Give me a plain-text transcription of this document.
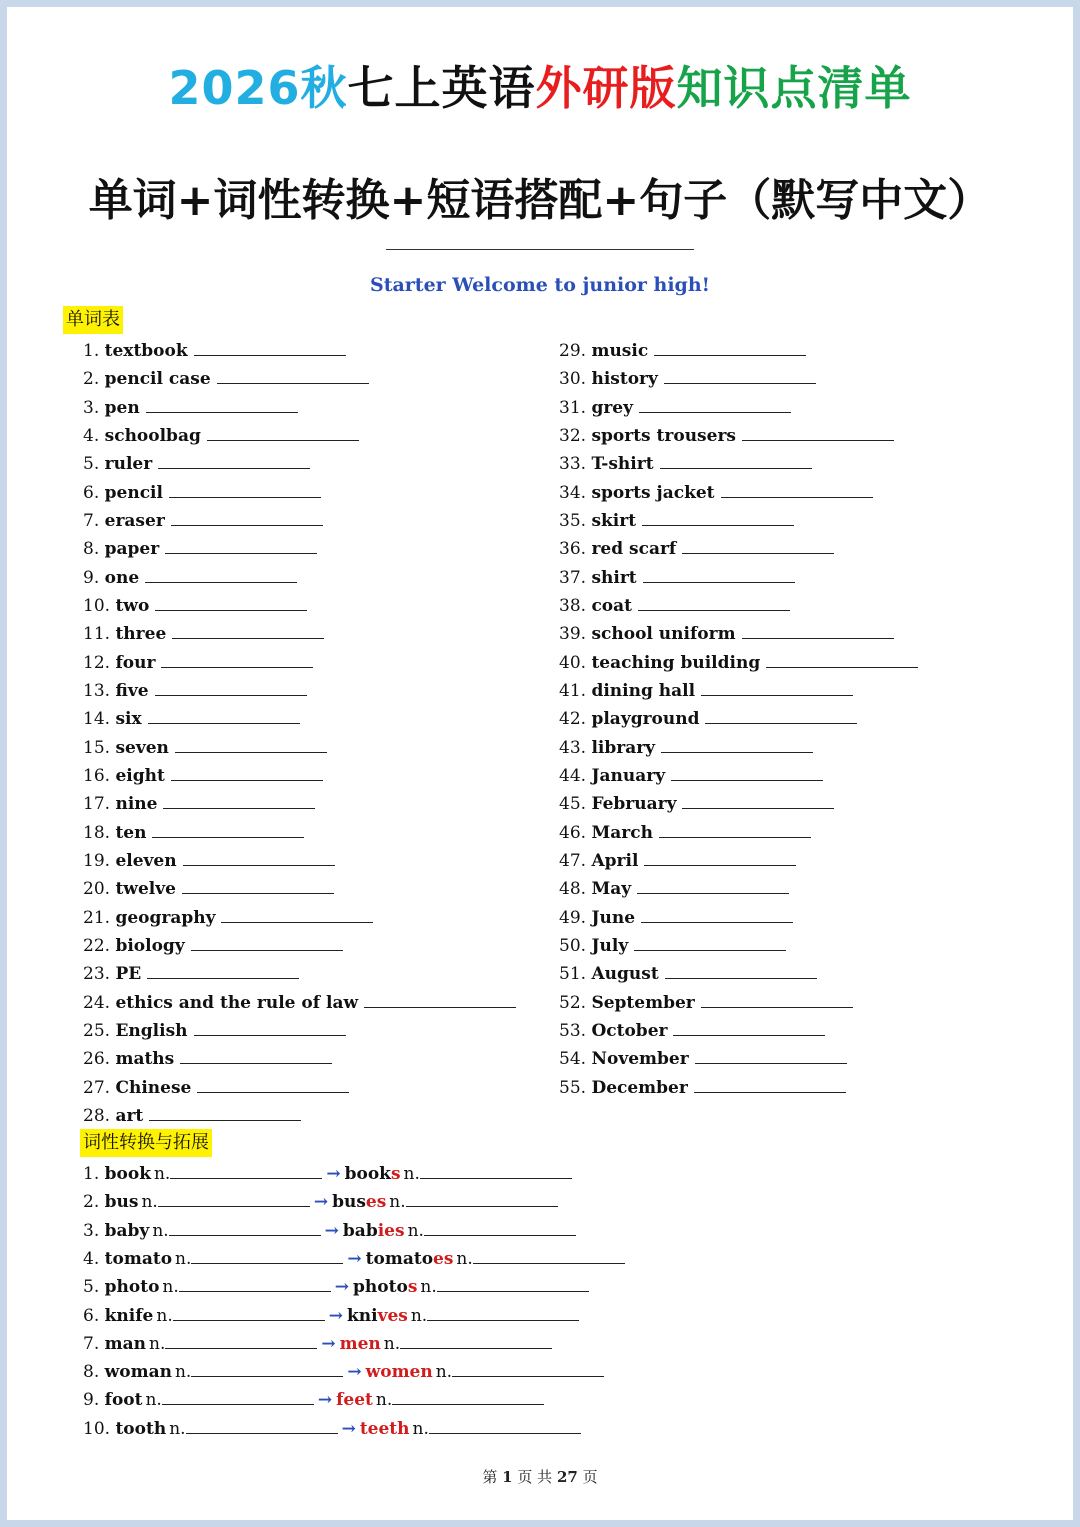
2026秋七上英语外研版知识点清单
单词+词性转换+短语搭配+句子（默写中文）
Starter Welcome to junior high!
单词表
1. textbook
2. pencil case
3. pen
4. schoolbag
5. ruler
6. pencil
7. eraser
8. paper
9. one
10. two
11. three
12. four
13. five
14. six
15. seven
16. eight
17. nine
18. ten
19. eleven
20. twelve
21. geography
22. biology
23. PE
24. ethics and the rule of law
25. English
26. maths
27. Chinese
28. art
29. music
30. history
31. grey
32. sports trousers
33. T-shirt
34. sports jacket
35. skirt
36. red scarf
37. shirt
38. coat
39. school uniform
40. teaching building
41. dining hall
42. playground
43. library
44. January
45. February
46. March
47. April
48. May
49. June
50. July
51. August
52. September
53. October
54. November
55. December
词性转换与拓展
1. book n.	→ books n.
2. bus n.	→ buses n.
3. baby n.	→ babies n.
4. tomato n.	→ tomatoes n.
5. photo n.	→ photos n.
6. knife n.	→ knives n.
7. man n.	→ men n.
8. woman n.	→ women n.
9. foot n.	→ feet n.
10. tooth n.	→ teeth n.
第 1 页 共 27 页
